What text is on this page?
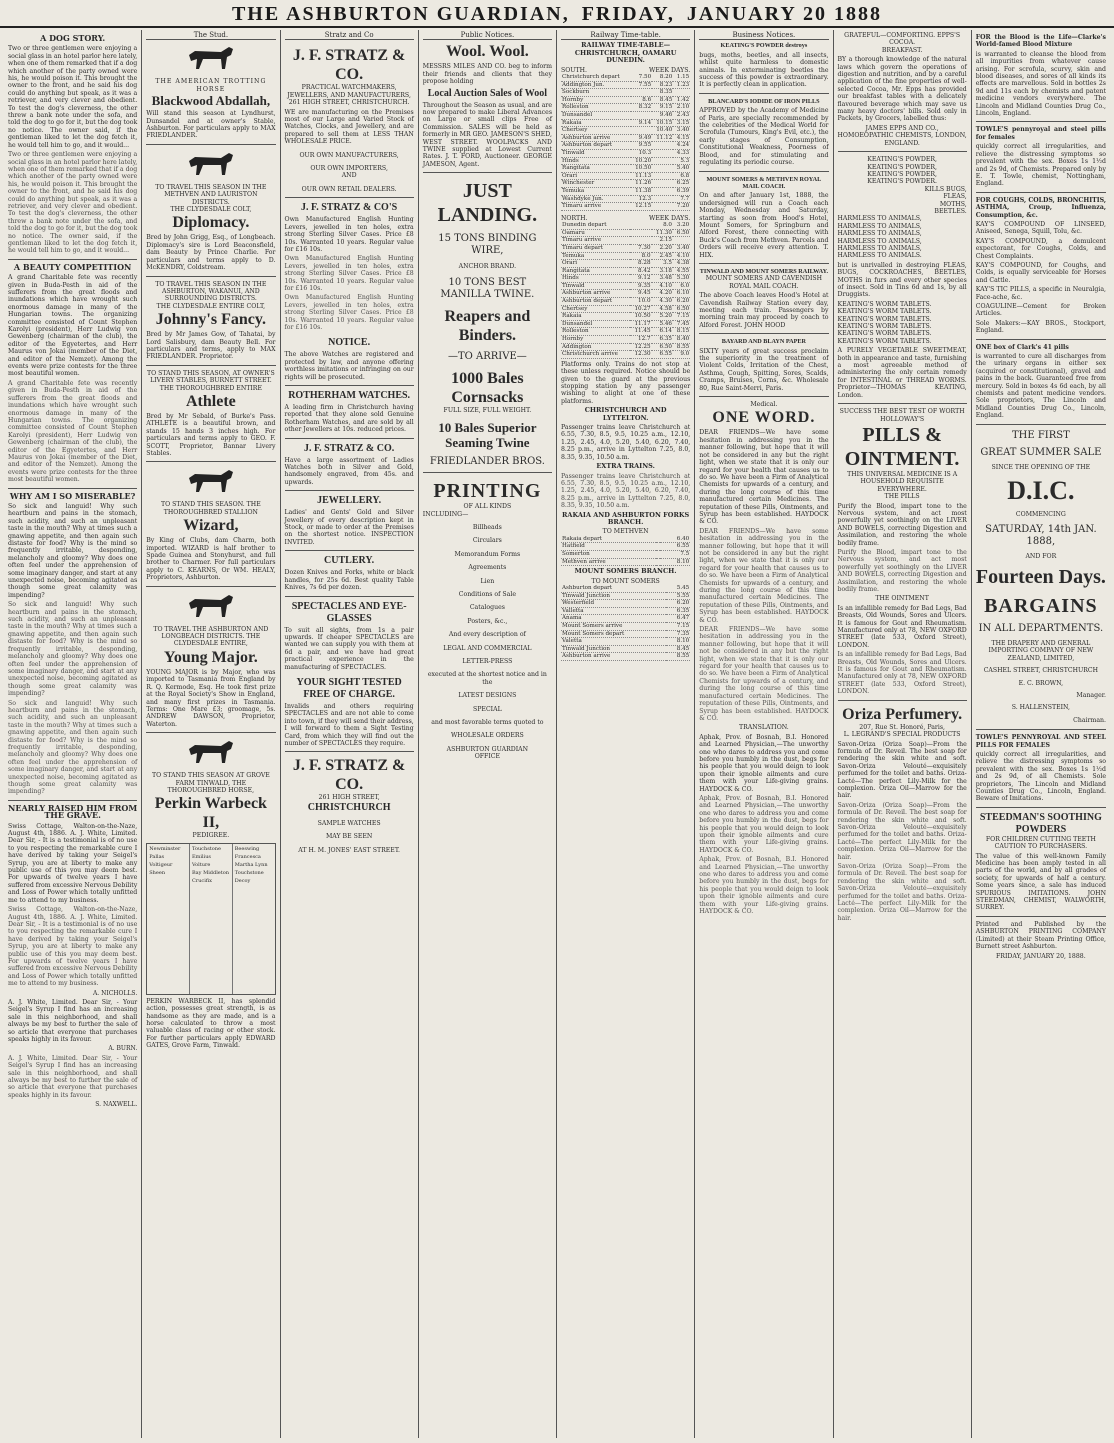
THE ASHBURTON GUARDIAN, FRIDAY, JANUARY 20 1888
A DOG STORY.
Two or three gentlemen were enjoying a social glass in an hotel parlor here lately, when one of them remarked that if a dog which another of the party owned were his, he would poison it. This brought the owner to the front, and he said his dog could do anything but speak, as it was a retriever, and very clever and obedient. To test the dog's cleverness, the other threw a bank note under the sofa, and told the dog to go for it, but the dog took no notice. The owner said, if the gentleman liked to let the dog fetch it, he would tell him to go, and it would...
Two or three gentlemen were enjoying a social glass in an hotel parlor here lately, when one of them remarked that if a dog which another of the party owned were his, he would poison it. This brought the owner to the front, and he said his dog could do anything but speak, as it was a retriever, and very clever and obedient. To test the dog's cleverness, the other threw a bank note under the sofa, and told the dog to go for it, but the dog took no notice. The owner said, if the gentleman liked to let the dog fetch it, he would tell him to go, and it would...
A BEAUTY COMPETITION
A grand Charitable fete was recently given in Buda-Pesth in aid of the sufferers from the great floods and inundations which have wrought such enormous damage in many of the Hungarian towns. The organizing committee consisted of Count Stephen Karolyi (president), Herr Ludwig von Gewenberg (chairman of the club), the editor of the Egyetertes, and Herr Maurus von Jokai (member of the Diet, and editor of the Nemzet). Among the events were prize contests for the three most beautiful women.
A grand Charitable fete was recently given in Buda-Pesth in aid of the sufferers from the great floods and inundations which have wrought such enormous damage in many of the Hungarian towns. The organizing committee consisted of Count Stephen Karolyi (president), Herr Ludwig von Gewenberg (chairman of the club), the editor of the Egyetertes, and Herr Maurus von Jokai (member of the Diet, and editor of the Nemzet). Among the events were prize contests for the three most beautiful women.
WHY AM I SO MISERABLE?
So sick and languid! Why such heartburn and pains in the stomach, such acidity, and such an unpleasant taste in the mouth? Why at times such a gnawing appetite, and then again such distaste for food? Why is the mind so frequently irritable, desponding, melancholy and gloomy? Why does one often feel under the apprehension of some imaginary danger, and start at any unexpected noise, becoming agitated as though some great calamity was impending?
So sick and languid! Why such heartburn and pains in the stomach, such acidity, and such an unpleasant taste in the mouth? Why at times such a gnawing appetite, and then again such distaste for food? Why is the mind so frequently irritable, desponding, melancholy and gloomy? Why does one often feel under the apprehension of some imaginary danger, and start at any unexpected noise, becoming agitated as though some great calamity was impending?
So sick and languid! Why such heartburn and pains in the stomach, such acidity, and such an unpleasant taste in the mouth? Why at times such a gnawing appetite, and then again such distaste for food? Why is the mind so frequently irritable, desponding, melancholy and gloomy? Why does one often feel under the apprehension of some imaginary danger, and start at any unexpected noise, becoming agitated as though some great calamity was impending?
NEARLY RAISED HIM FROM THE GRAVE.
Swiss Cottage, Walton-on-the-Naze, August 4th, 1886. A. J. White, Limited. Dear Sir, - It is a testimonial is of no use to you respecting the remarkable cure I have derived by taking your Seigel's Syrup, you are at liberty to make any public use of this you may deem best. For upwards of twelve years I have suffered from excessive Nervous Debility and Loss of Power which totally unfitted me to attend to my business.
Swiss Cottage, Walton-on-the-Naze, August 4th, 1886. A. J. White, Limited. Dear Sir, - It is a testimonial is of no use to you respecting the remarkable cure I have derived by taking your Seigel's Syrup, you are at liberty to make any public use of this you may deem best. For upwards of twelve years I have suffered from excessive Nervous Debility and Loss of Power which totally unfitted me to attend to my business.
A. NICHOLLS.
A. J. White, Limited. Dear Sir, - Your Seigel's Syrup I find has an increasing sale in this neighborhood, and shall always be my best to further the sale of so article that everyone that purchases speaks highly in its favour.
A. BURN.
A. J. White, Limited. Dear Sir, - Your Seigel's Syrup I find has an increasing sale in this neighborhood, and shall always be my best to further the sale of so article that everyone that purchases speaks highly in its favour.
S. NAXWELL.
The Stud.
THE AMERICAN TROTTING HORSE
Blackwood Abdallah,
Will stand this season at Lyndhurst, Dunsandel and at owner's Stable, Ashburton. For particulars apply to MAX FRIEDLANDER.
TO TRAVEL THIS SEASON IN THE METHVEN AND LAURISTON DISTRICTS.
THE CLYDESDALE COLT,
Diplomacy.
Bred by John Grigg, Esq., of Longbeach. Diplomacy's sire is Lord Beaconsfield, dam Beauty by Prince Charlie. For particulars and terms apply to D. McKENDRY, Coldstream.
TO TRAVEL THIS SEASON IN THE ASHBURTON, WAKANUI, AND SURROUNDING DISTRICTS.
THE CLYDESDALE ENTIRE COLT,
Johnny's Fancy.
Bred by Mr James Gow, of Tahatai, by Lord Salisbury, dam Beauty Bell. For particulars and terms, apply to MAX FRIEDLANDER. Proprietor.
TO STAND THIS SEASON, AT OWNER'S LIVERY STABLES, BURNETT STREET.
THE THOROUGHBRED ENTIRE
Athlete
Bred by Mr Sebald, of Burke's Pass. ATHLETE is a beautiful brown, and stands 15 hands 3 inches high. For particulars and terms apply to GEO. F. SCOTT, Proprietor, Bannar Livery Stables.
TO STAND THIS SEASON. THE THOROUGHBRED STALLION
Wizard,
By King of Clubs, dam Charm, both imported. WIZARD is half brother to Spade Guinea and Stonyhurst, and full brother to Charmer. For full particulars apply to C. KEARNS, Or WM. HEALY, Proprietors, Ashburton.
TO TRAVEL THE ASHBURTON AND LONGBEACH DISTRICTS. THE CLYDESDALE ENTIRE,
Young Major.
YOUNG MAJOR is by Major, who was imported to Tasmania from England by R. Q. Kermode, Esq. He took first prize at the Royal Society's Show in England, and many first prizes in Tasmania. Terms: One Mare £3; groomage, 5s. ANDREW DAWSON, Proprietor, Waterton.
TO STAND THIS SEASON AT GROVE FARM TINWALD, THE THOROUGHBRED HORSE,
Perkin Warbeck II,
PEDIGREE.
Newminster
Pallas
Voltigeur
Sheen
Touchstone
Emilius
Volture
Bay Middleton
Crucifix
Beeswing
Francesca
Martha Lynn
Touchstone
Decoy
PERKIN WARBECK II, has splendid action, possesses great strength, is as handsome as they are made, and is a horse calculated to throw a most valuable class of racing or other stock. For further particulars apply EDWARD GATES, Grove Farm, Tinwald.
Stratz and Co
J. F. STRATZ & CO.
PRACTICAL WATCHMAKERS, JEWELLERS, AND MANUFACTURERS,
261 HIGH STREET, CHRISTCHURCH.
WE are manufacturing on the Premises most of our Large and Varied Stock of Watches, Clocks, and Jewellery, and are prepared to sell them at LESS THAN WHOLESALE PRICE.
OUR OWN MANUFACTURERS,
OUR OWN IMPORTERS,
AND
OUR OWN RETAIL DEALERS.
J. F. STRATZ & CO'S
Own Manufactured English Hunting Levers, jewelled in ten holes, extra strong Sterling Silver Cases. Price £8 10s. Warranted 10 years. Regular value for £16 10s.
Own Manufactured English Hunting Levers, jewelled in ten holes, extra strong Sterling Silver Cases. Price £8 10s. Warranted 10 years. Regular value for £16 10s.
Own Manufactured English Hunting Levers, jewelled in ten holes, extra strong Sterling Silver Cases. Price £8 10s. Warranted 10 years. Regular value for £16 10s.
NOTICE.
The above Watches are registered and protected by law, and anyone offering worthless imitations or infringing on our rights will be prosecuted.
ROTHERHAM WATCHES.
A leading firm in Christchurch having reported that they alone sold Genuine Rotherham Watches, and are sold by all other Jewellers at 10s. reduced prices.
J. F. STRATZ & CO.
Have a large assortment of Ladies Watches both in Silver and Gold, handsomely engraved, from 45s. and upwards.
JEWELLERY.
Ladies' and Gents' Gold and Silver Jewellery of every description kept in Stock, or made to order at the Premises on the shortest notice. INSPECTION INVITED.
CUTLERY.
Dozen Knives and Forks, white or black handles, for 25s 6d. Best quality Table Knives, 7s 6d per dozen.
SPECTACLES AND EYE-GLASSES
To suit all sights, from 1s a pair upwards. If cheaper SPECTACLES are wanted we can supply you with them at 6d a pair, and we have had great practical experience in the manufacturing of SPECTACLES.
YOUR SIGHT TESTED FREE OF CHARGE.
Invalids and others requiring SPECTACLES and are not able to come into town, if they will send their address, I will forward to them a Sight Testing Card, from which they will find out the number of SPECTACLES they require.
J. F. STRATZ & CO.
261 HIGH STREET,
CHRISTCHURCH
SAMPLE WATCHES
MAY BE SEEN
AT H. M. JONES' EAST STREET.
Public Notices.
Wool. Wool.
MESSRS MILES AND CO. beg to inform their friends and clients that they propose holding
Local Auction Sales of Wool
Throughout the Season as usual, and are now prepared to make Liberal Advances on Large or small clips Free of Commission. SALES will be held as formerly in MR GEO. JAMESON'S SHED, WEST STREET. WOOLPACKS AND TWINE supplied at Lowest Current Rates. J. T. FORD, Auctioneer. GEORGE JAMESON, Agent.
JUST LANDING.
15 TONS BINDING WIRE,
ANCHOR BRAND.
10 TONS BEST MANILLA TWINE.
Reapers and Binders.
—TO ARRIVE—
1000 Bales Cornsacks
FULL SIZE, FULL WEIGHT.
10 Bales Superior Seaming Twine
FRIEDLANDER BROS.
PRINTING
OF ALL KINDS
INCLUDING—
Billheads
Circulars
Memorandum Forms
Agreements
Lien
Conditions of Sale
Catalogues
Posters, &c.,
And every description of
LEGAL AND COMMERCIAL
LETTER-PRESS
executed at the shortest notice and in the
LATEST DESIGNS
SPECIAL
and most favorable terms quoted to
WHOLESALE ORDERS
ASHBURTON GUARDIAN
OFFICE
Railway Time-table.
RAILWAY TIME-TABLE—CHRISTCHURCH, OAMARU DUNEDIN.
SOUTH.	WEEK DAYS.
Christchurch depart	7.50	8.20	1.15
Addington Jun.	7.55	8.23	1.23
Sockburn		8.35	
Hornby	8.6	8.45	1.42
Rolleston	8.32	9.15	2.10
Dunsandel		9.46	2.43
Rakaia	9.14	10.15	3.15
Chertsey		10.40	3.40
Ashburton arrive	9.49	11.12	4.15
Ashburton depart	9.55		4.24
Tinwald	10.3		4.33
Hinds	10.20		5.3
Rangitata	10.50		5.40
Orari	11.13		6.8
Winchester	11.26		6.25
Temuka	11.38		6.39
Washdyke Jun.	12.3		7.7
Timaru arrive	12.15		7.20
NORTH.	WEEK DAYS.
Dunedin depart		8.0	3.20
Oamaru		11.30	6.50
Timaru arrive		2.15	
Timaru depart	7.30	2.20	3.40
Temuka	8.0	2.45	4.10
Orari	8.28	3.5	4.38
Rangitata	8.42	3.18	4.55
Hinds	9.12	3.48	5.30
Tinwald	9.35	4.10	6.0
Ashburton arrive	9.45	4.20	6.10
Ashburton depart	10.0	4.30	6.20
Chertsey	10.27	4.58	6.50
Rakaia	10.50	5.20	7.15
Dunsandel	11.17	5.46	7.45
Rolleston	11.45	6.14	8.15
Hornby	12.7	6.35	8.40
Addington	12.25	6.50	8.55
Christchurch arrive	12.30	6.55	9.0
Platforms only. Trains do not stop at these unless required. Notice should be given to the guard at the previous stopping station by any passenger wishing to alight at one of these platforms.
CHRISTCHURCH AND LYTTELTON.
Passenger trains leave Christchurch at 6.55, 7.30, 8.5, 9.5, 10.25 a.m., 12.10, 1.25, 2.45, 4.0, 5.20, 5.40, 6.20, 7.40, 8.25 p.m., arrive in Lyttelton 7.25, 8.0, 8.35, 9.35, 10.50 a.m.
EXTRA TRAINS.
Passenger trains leave Christchurch at 6.55, 7.30, 8.5, 9.5, 10.25 a.m., 12.10, 1.25, 2.45, 4.0, 5.20, 5.40, 6.20, 7.40, 8.25 p.m., arrive in Lyttelton 7.25, 8.0, 8.35, 9.35, 10.50 a.m.
RAKAIA AND ASHBURTON FORKS BRANCH.
TO METHVEN
Rakaia depart		6.40
Hatfield		6.55
Somerton		7.5
Methven arrive		8.10
MOUNT SOMERS BRANCH.
TO MOUNT SOMERS
Ashburton depart	5.45
Tinwald Junction	5.55
Westerfield	6.20
Valletta	6.35
Anama	6.47
Mount Somers arrive	7.15
Mount Somers depart	7.35
Valetta	8.10
Tinwald Junction	8.45
Ashburton arrive	8.55
Business Notices.
KEATING'S POWDER destroys
bugs, moths, beetles, and all insects, whilst quite harmless to domestic animals. In exterminating beetles the success of this powder is extraordinary. It is perfectly clean in application.
BLANCARD'S IODIDE OF IRON PILLS
APPROVED by the Academy of Medicine of Paris, are specially recommended by the celebrities of the Medical World for Scrofula (Tumours, King's Evil, etc.), the early stages of Consumption, Constitutional Weakness, Poorness of Blood, and for stimulating and regulating its periodic course.
MOUNT SOMERS & METHVEN ROYAL MAIL COACH.
On and after January 1st, 1888, the undersigned will run a Coach each Monday, Wednesday and Saturday, starting as soon from Hood's Hotel, Mount Somers, for Springburn and Alford Forest, there connecting with Buck's Coach from Methven. Parcels and Orders will receive every attention. T. HIX.
TINWALD AND MOUNT SOMERS RAILWAY.
MOUNT SOMERS AND CAVENDISH ROYAL MAIL COACH.
The above Coach leaves Hood's Hotel at Cavendish Railway Station every day, meeting each train. Passengers by morning train may proceed by coach to Alford Forest. JOHN HOOD
BAYARD AND BLAYN PAPER
SIXTY years of great success proclaim the superiority in the treatment of Violent Colds, Irritation of the Chest, Asthma, Cough, Spitting, Sores, Scalds, Cramps, Bruises, Corns, &c. Wholesale 80, Rue Saint-Merri, Paris.
Medical.
ONE WORD.
DEAR FRIENDS—We have some hesitation in addressing you in the manner following, but hope that it will not be considered in any but the right light, when we state that it is only our regard for your health that causes us to do so. We have been a Firm of Analytical Chemists for upwards of a century, and during the long course of this time manufactured certain Medicines. The reputation of these Pills, Ointments, and Syrup has been established. HAYDOCK & CO.
DEAR FRIENDS—We have some hesitation in addressing you in the manner following, but hope that it will not be considered in any but the right light, when we state that it is only our regard for your health that causes us to do so. We have been a Firm of Analytical Chemists for upwards of a century, and during the long course of this time manufactured certain Medicines. The reputation of these Pills, Ointments, and Syrup has been established. HAYDOCK & CO.
DEAR FRIENDS—We have some hesitation in addressing you in the manner following, but hope that it will not be considered in any but the right light, when we state that it is only our regard for your health that causes us to do so. We have been a Firm of Analytical Chemists for upwards of a century, and during the long course of this time manufactured certain Medicines. The reputation of these Pills, Ointments, and Syrup has been established. HAYDOCK & CO.
TRANSLATION.
Aphak, Prov. of Bosnah, B.I. Honored and Learned Physician,—The unworthy one who dares to address you and come before you humbly in the dust, begs for his people that you would deign to look upon their ignoble ailments and cure them with your Life-giving grains. HAYDOCK & CO.
Aphak, Prov. of Bosnah, B.I. Honored and Learned Physician,—The unworthy one who dares to address you and come before you humbly in the dust, begs for his people that you would deign to look upon their ignoble ailments and cure them with your Life-giving grains. HAYDOCK & CO.
Aphak, Prov. of Bosnah, B.I. Honored and Learned Physician,—The unworthy one who dares to address you and come before you humbly in the dust, begs for his people that you would deign to look upon their ignoble ailments and cure them with your Life-giving grains. HAYDOCK & CO.
GRATEFUL—COMFORTING. EPPS'S COCOA.
BREAKFAST.
BY a thorough knowledge of the natural laws which govern the operations of digestion and nutrition, and by a careful application of the fine properties of well-selected Cocoa, Mr. Epps has provided our breakfast tables with a delicately flavoured beverage which may save us many heavy doctors' bills. Sold only in Packets, by Grocers, labelled thus:
JAMES EPPS AND CO., HOMOEOPATHIC CHEMISTS, LONDON, ENGLAND.
KEATING'S POWDER,
KEATING'S POWDER,
KEATING'S POWDER,
KEATING'S POWDER.
KILLS BUGS,
FLEAS,
MOTHS,
BEETLES.
HARMLESS TO ANIMALS,
HARMLESS TO ANIMALS,
HARMLESS TO ANIMALS,
HARMLESS TO ANIMALS,
HARMLESS TO ANIMALS,
HARMLESS TO ANIMALS.
but is unrivalled in destroying FLEAS, BUGS, COCKROACHES, BEETLES, MOTHS in furs and every other species of insect. Sold in Tins 6d and 1s, by all Druggists.
KEATING'S WORM TABLETS.
KEATING'S WORM TABLETS.
KEATING'S WORM TABLETS.
KEATING'S WORM TABLETS.
KEATING'S WORM TABLETS.
KEATING'S WORM TABLETS.
A PURELY VEGETABLE SWEETMEAT, both in appearance and taste, furnishing a most agreeable method of administering the only certain remedy for INTESTINAL or THREAD WORMS. Proprietor—THOMAS KEATING, London.
SUCCESS THE BEST TEST OF WORTH
HOLLOWAY'S
PILLS & OINTMENT.
THIS UNIVERSAL MEDICINE IS A HOUSEHOLD REQUISITE EVERYWHERE.
THE PILLS
Purify the Blood, impart tone to the Nervous system, and act most powerfully yet soothingly on the LIVER AND BOWELS, correcting Digestion and Assimilation, and restoring the whole bodily frame.
Purify the Blood, impart tone to the Nervous system, and act most powerfully yet soothingly on the LIVER AND BOWELS, correcting Digestion and Assimilation, and restoring the whole bodily frame.
THE OINTMENT
Is an infallible remedy for Bad Legs, Bad Breasts, Old Wounds, Sores and Ulcers. It is famous for Gout and Rheumatism. Manufactured only at 78, NEW OXFORD STREET (late 533, Oxford Street), LONDON.
Is an infallible remedy for Bad Legs, Bad Breasts, Old Wounds, Sores and Ulcers. It is famous for Gout and Rheumatism. Manufactured only at 78, NEW OXFORD STREET (late 533, Oxford Street), LONDON.
Oriza Perfumery.
207, Rue St. Honoré, Paris,
L. LEGRAND'S SPECIAL PRODUCTS
Savon-Oriza (Oriza Soap)—From the formula of Dr. Reveil. The best soap for rendering the skin white and soft. Savon-Oriza Velouté—exquisitely perfumed for the toilet and baths. Oriza-Lacté—The perfect Lily-Milk for the complexion. Oriza Oil—Marrow for the hair.
Savon-Oriza (Oriza Soap)—From the formula of Dr. Reveil. The best soap for rendering the skin white and soft. Savon-Oriza Velouté—exquisitely perfumed for the toilet and baths. Oriza-Lacté—The perfect Lily-Milk for the complexion. Oriza Oil—Marrow for the hair.
Savon-Oriza (Oriza Soap)—From the formula of Dr. Reveil. The best soap for rendering the skin white and soft. Savon-Oriza Velouté—exquisitely perfumed for the toilet and baths. Oriza-Lacté—The perfect Lily-Milk for the complexion. Oriza Oil—Marrow for the hair.
FOR the Blood is the Life—Clarke's World-famed Blood Mixture
is warranted to cleanse the blood from all impurities from whatever cause arising. For scrofula, scurvy, skin and blood diseases, and sores of all kinds its effects are marvellous. Sold in bottles 2s 9d and 11s each by chemists and patent medicine vendors everywhere. The Lincoln and Midland Counties Drug Co., Lincoln, England.
TOWLE'S pennyroyal and steel pills for females
quickly correct all irregularities, and relieve the distressing symptoms so prevalent with the sex. Boxes 1s 1½d and 2s 9d, of Chemists. Prepared only by E. T. Towle, chemist, Nottingham, England.
FOR COUGHS, COLDS, BRONCHITIS, ASTHMA, Croup, Influenza, Consumption, &c.
KAY'S COMPOUND OF LINSEED, Aniseed, Senega, Squill, Tolu, &c.
KAY'S COMPOUND, a demulcent expectorant, for Coughs, Colds, and Chest Complaints.
KAY'S COMPOUND, for Coughs, and Colds, is equally serviceable for Horses and Cattle.
KAY'S TIC PILLS, a specific in Neuralgia, Face-ache, &c.
COAGULINE—Cement for Broken Articles.
Sole Makers:—KAY BROS., Stockport, England.
ONE box of Clark's 41 pills
is warranted to cure all discharges from the urinary organs in either sex (acquired or constitutional), gravel and pains in the back. Guaranteed free from mercury. Sold in boxes 4s 6d each, by all chemists and patent medicine vendors. Sole proprietors, The Lincoln and Midland Counties Drug Co., Lincoln, England.
THE FIRST
GREAT SUMMER SALE
SINCE THE OPENING OF THE
D.I.C.
COMMENCING
SATURDAY, 14th JAN. 1888,
AND FOR
Fourteen Days.
BARGAINS
IN ALL DEPARTMENTS.
THE DRAPERY AND GENERAL IMPORTING COMPANY OF NEW ZEALAND, LIMITED,
CASHEL STREET, CHRISTCHURCH
E. C. BROWN,
Manager.
S. HALLENSTEIN,
Chairman.
TOWLE'S PENNYROYAL AND STEEL PILLS FOR FEMALES
quickly correct all irregularities, and relieve the distressing symptoms so prevalent with the sex. Boxes 1s 1½d and 2s 9d, of all Chemists. Sole proprietors, The Lincoln and Midland Counties Drug Co., Lincoln, England. Beware of Imitations.
STEEDMAN'S SOOTHING POWDERS
FOR CHILDREN CUTTING TEETH
CAUTION TO PURCHASERS.
The value of this well-known Family Medicine has been amply tested in all parts of the world, and by all grades of society, for upwards of half a century. Some years since, a sale has induced SPURIOUS IMITATIONS. JOHN STEEDMAN, CHEMIST, WALWORTH, SURREY.
Printed and Published by the ASHBURTON PRINTING COMPANY (Limited) at their Steam Printing Office, Burnett street Ashburton.
FRIDAY, JANUARY 20, 1888.
